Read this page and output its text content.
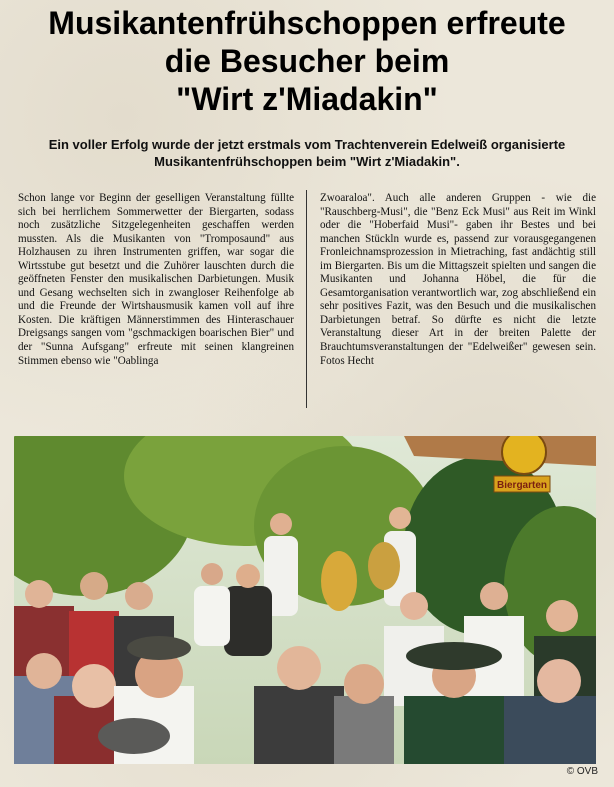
Musikantenfrühschoppen erfreute
die Besucher beim
"Wirt z'Miadakin"

Ein voller Erfolg wurde der jetzt erstmals vom Trachtenverein Edelweiß organisierte
Musikantenfrühschoppen beim "Wirt z'Miadakin".

Schon lange vor Beginn der geselligen Veranstaltung füllte sich bei herrlichem Sommerwetter der Biergarten, sodass noch zusätzliche Sitzgelegenheiten geschaffen werden mussten. Als die Musikanten von "Tromposaund" aus Holzhausen zu ihren Instrumenten griffen, war sogar die Wirtsstube gut besetzt und die Zuhörer lauschten durch die geöffneten Fenster den musikalischen Darbietungen. Musik und Gesang wechselten sich in zwangloser Reihenfolge ab und die Freunde der Wirtshausmusik kamen voll auf ihre Kosten. Die kräftigen Männerstimmen des Hinteraschauer Dreigsangs sangen vom "gschmackigen boarischen Bier" und der "Sunna Aufsgang" erfreute mit seinen klangreinen Stimmen ebenso wie "Oablinga

Zwoaraloa". Auch alle anderen Gruppen - wie die "Rauschberg-Musi", die "Benz Eck Musi" aus Reit im Winkl oder die "Hoberfaid Musi"- gaben ihr Bestes und bei manchen Stückln wurde es, passend zur vorausgegangenen Fronleichnamsprozession in Mietraching, fast andächtig still im Biergarten. Bis um die Mittagszeit spielten und sangen die Musikanten und Johanna Höbel, die für die Gesamtorganisation verantwortlich war, zog abschließend ein sehr positives Fazit, was den Besuch und die musikalischen Darbietungen betraf. So dürfte es nicht die letzte Veranstaltung dieser Art in der breiten Palette der Brauchtumsveranstaltungen der "Edelweißer" gewesen sein. Fotos Hecht

Biergarten
© OVB
